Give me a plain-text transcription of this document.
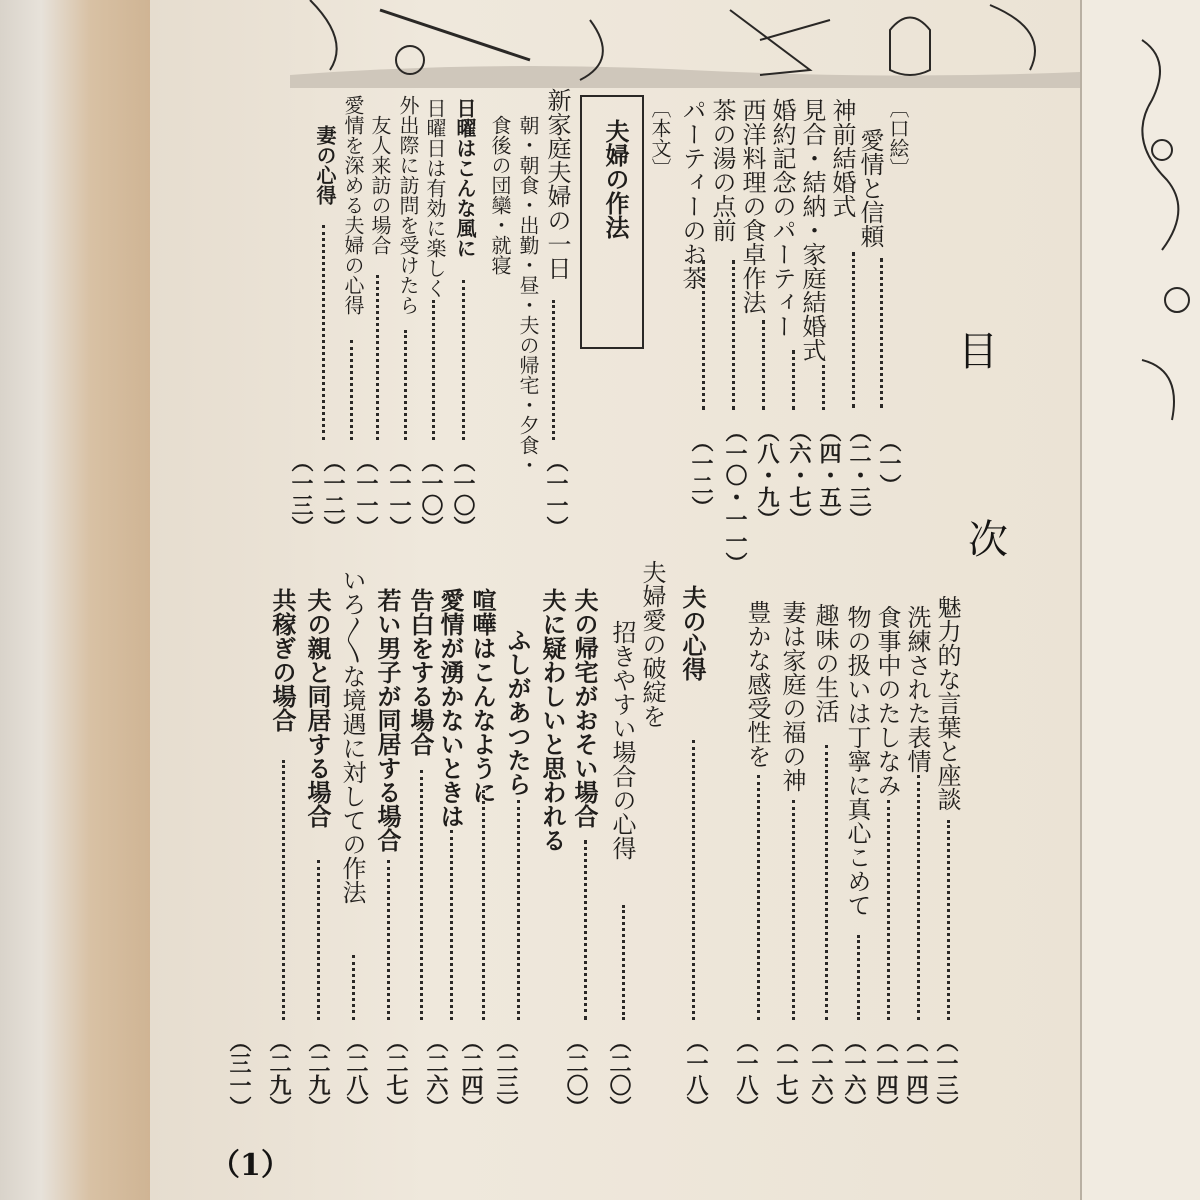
目
次
〔口絵〕
愛情と信頼
神前結婚式
見合・結納・家庭結婚式
婚約記念のパーティー
西洋料理の食卓作法
茶の湯の点前
パーティーのお茶
（一）
（二・三）
（四・五）
（六・七）
（八・九）
（一〇・一一）
（一二）
〔本文〕
夫婦の作法
新家庭夫婦の一日
朝・朝食・出勤・昼・夫の帰宅・夕食・
食後の団欒・就寝
日曜はこんな風に
日曜日は有効に楽しく
外出際に訪問を受けたら
友人来訪の場合
愛情を深める夫婦の心得
妻の心得
（一一）
（一〇）
（一〇）
（一一）
（一一）
（一二）
（一三）
魅力的な言葉と座談
洗練された表情
食事中のたしなみ
物の扱いは丁寧に真心こめて
趣味の生活
妻は家庭の福の神
豊かな感受性を
夫の心得
夫婦愛の破綻を
招きやすい場合の心得
夫の帰宅がおそい場合
夫に疑わしいと思われる
ふしがあつたら
喧嘩はこんなように
愛情が湧かないときは
告白をする場合
若い男子が同居する場合
いろ〳〵な境遇に対しての作法
夫の親と同居する場合
共稼ぎの場合
（一三）
（一四）
（一四）
（一六）
（一六）
（一七）
（一八）
（一八）
（二〇）
（二〇）
（二三）
（二四）
（二六）
（二七）
（二八）
（二九）
（二九）
（三一）
（1）
